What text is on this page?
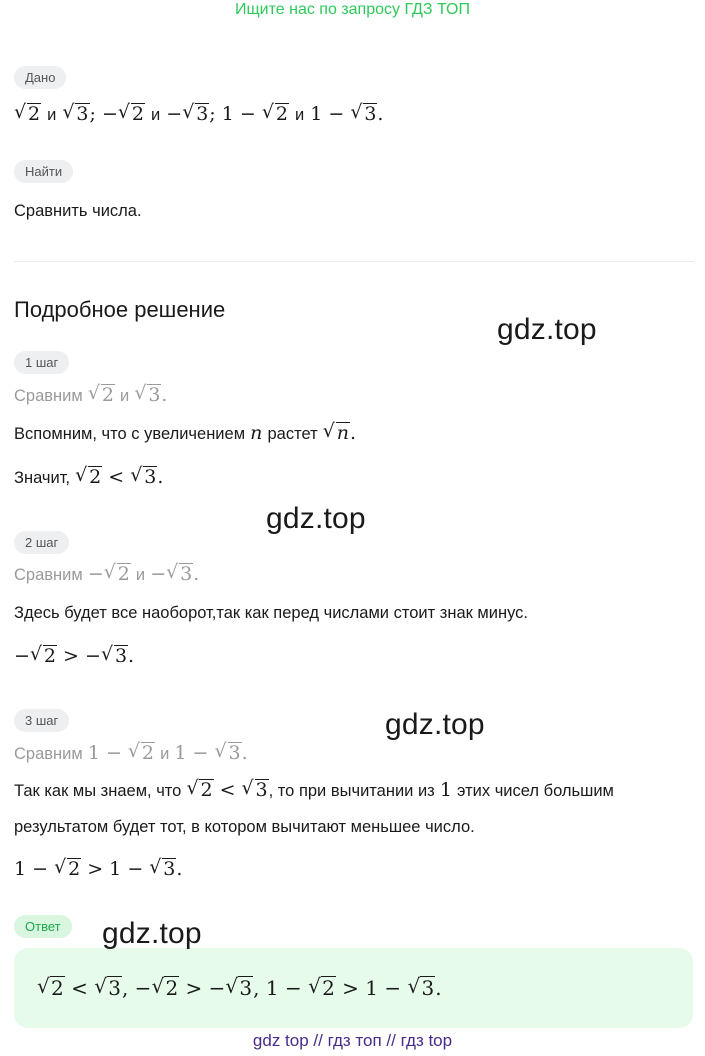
Ищите нас по запросу ГДЗ ТОП
Дано
√ 2 и √ 3; − √ 2 и − √ 3; 1 − √ 2 и 1 − √ 3.
Найти
Сравнить числа.
Подробное решение
gdz.top
1 шаг
Сравним √ 2 и √ 3.
Вспомним, что с увеличением n растет √ n.
Значит, √ 2 < √ 3.
gdz.top
2 шаг
Сравним − √ 2 и − √ 3.
Здесь будет все наоборот,так как перед числами стоит знак минус.
− √ 2 > − √ 3.
gdz.top
3 шаг
Сравним 1 − √ 2 и 1 − √ 3.
Так как мы знаем, что √ 2 < √ 3, то при вычитании из 1 этих чисел большим
результатом будет тот, в котором вычитают меньшее число.
1 − √ 2 > 1 − √ 3.
Ответ
√ 2 < √ 3, − √ 2 > − √ 3, 1 − √ 2 > 1 − √ 3.
gdz.top
gdz top // гдз топ // гдз top
